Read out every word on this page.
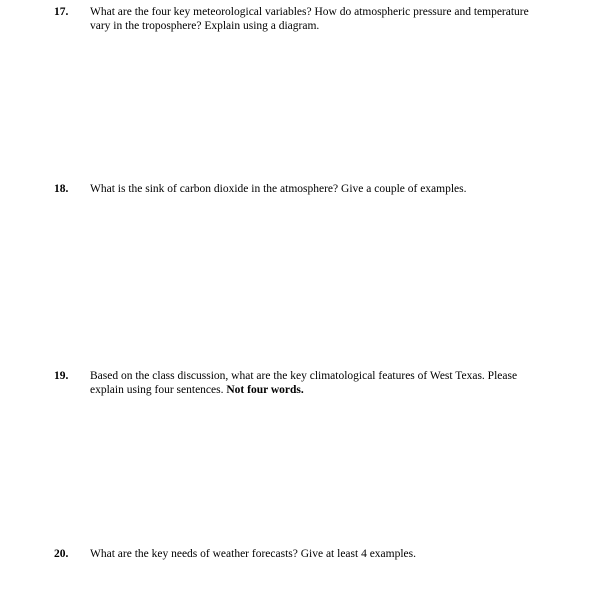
17. What are the four key meteorological variables? How do atmospheric pressure and temperature
vary in the troposphere? Explain using a diagram.
18. What is the sink of carbon dioxide in the atmosphere? Give a couple of examples.
19. Based on the class discussion, what are the key climatological features of West Texas. Please
explain using four sentences. Not four words.
20. What are the key needs of weather forecasts? Give at least 4 examples.
